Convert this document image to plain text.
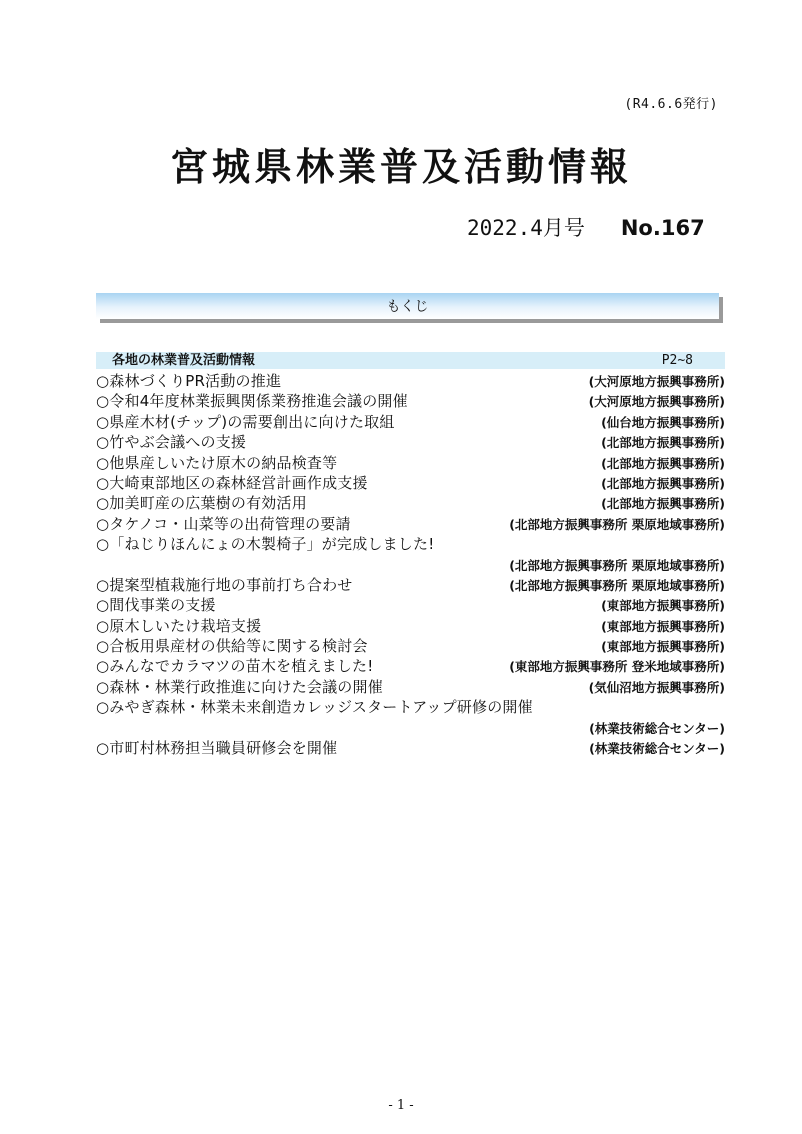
(R4.6.6発行)
宮城県林業普及活動情報
2022.4月号 No.167
もくじ
各地の林業普及活動情報	P2~8
○森林づくりPR活動の推進	(大河原地方振興事務所)
○令和4年度林業振興関係業務推進会議の開催	(大河原地方振興事務所)
○県産木材(チップ)の需要創出に向けた取組	(仙台地方振興事務所)
○竹やぶ会議への支援	(北部地方振興事務所)
○他県産しいたけ原木の納品検査等	(北部地方振興事務所)
○大崎東部地区の森林経営計画作成支援	(北部地方振興事務所)
○加美町産の広葉樹の有効活用	(北部地方振興事務所)
○タケノコ・山菜等の出荷管理の要請	(北部地方振興事務所 栗原地域事務所)
○「ねじりほんにょの木製椅子」が完成しました!
(北部地方振興事務所 栗原地域事務所)
○提案型植栽施行地の事前打ち合わせ	(北部地方振興事務所 栗原地域事務所)
○間伐事業の支援	(東部地方振興事務所)
○原木しいたけ栽培支援	(東部地方振興事務所)
○合板用県産材の供給等に関する検討会	(東部地方振興事務所)
○みんなでカラマツの苗木を植えました!	(東部地方振興事務所 登米地域事務所)
○森林・林業行政推進に向けた会議の開催	(気仙沼地方振興事務所)
○みやぎ森林・林業未来創造カレッジスタートアップ研修の開催
(林業技術総合センター)
○市町村林務担当職員研修会を開催	(林業技術総合センター)
- 1 -
